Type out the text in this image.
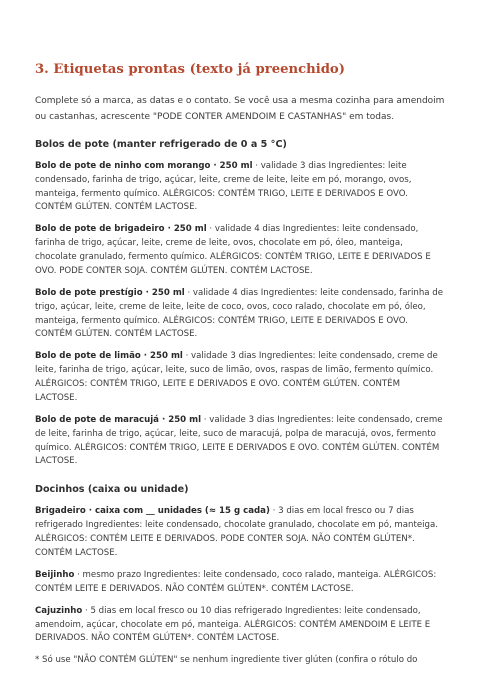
3. Etiquetas prontas (texto já preenchido)

Complete só a marca, as datas e o contato. Se você usa a mesma cozinha para amendoim ou castanhas, acrescente "PODE CONTER AMENDOIM E CASTANHAS" em todas.

Bolos de pote (manter refrigerado de 0 a 5 °C)

Bolo de pote de ninho com morango · 250 ml · validade 3 dias Ingredientes: leite condensado, farinha de trigo, açúcar, leite, creme de leite, leite em pó, morango, ovos, manteiga, fermento químico. ALÉRGICOS: CONTÉM TRIGO, LEITE E DERIVADOS E OVO. CONTÉM GLÚTEN. CONTÉM LACTOSE.

Bolo de pote de brigadeiro · 250 ml · validade 4 dias Ingredientes: leite condensado, farinha de trigo, açúcar, leite, creme de leite, ovos, chocolate em pó, óleo, manteiga, chocolate granulado, fermento químico. ALÉRGICOS: CONTÉM TRIGO, LEITE E DERIVADOS E OVO. PODE CONTER SOJA. CONTÉM GLÚTEN. CONTÉM LACTOSE.

Bolo de pote prestígio · 250 ml · validade 4 dias Ingredientes: leite condensado, farinha de trigo, açúcar, leite, creme de leite, leite de coco, ovos, coco ralado, chocolate em pó, óleo, manteiga, fermento químico. ALÉRGICOS: CONTÉM TRIGO, LEITE E DERIVADOS E OVO. CONTÉM GLÚTEN. CONTÉM LACTOSE.

Bolo de pote de limão · 250 ml · validade 3 dias Ingredientes: leite condensado, creme de leite, farinha de trigo, açúcar, leite, suco de limão, ovos, raspas de limão, fermento químico. ALÉRGICOS: CONTÉM TRIGO, LEITE E DERIVADOS E OVO. CONTÉM GLÚTEN. CONTÉM LACTOSE.

Bolo de pote de maracujá · 250 ml · validade 3 dias Ingredientes: leite condensado, creme de leite, farinha de trigo, açúcar, leite, suco de maracujá, polpa de maracujá, ovos, fermento químico. ALÉRGICOS: CONTÉM TRIGO, LEITE E DERIVADOS E OVO. CONTÉM GLÚTEN. CONTÉM LACTOSE.

Docinhos (caixa ou unidade)

Brigadeiro · caixa com __ unidades (≈ 15 g cada) · 3 dias em local fresco ou 7 dias refrigerado Ingredientes: leite condensado, chocolate granulado, chocolate em pó, manteiga. ALÉRGICOS: CONTÉM LEITE E DERIVADOS. PODE CONTER SOJA. NÃO CONTÉM GLÚTEN*. CONTÉM LACTOSE.

Beijinho · mesmo prazo Ingredientes: leite condensado, coco ralado, manteiga. ALÉRGICOS: CONTÉM LEITE E DERIVADOS. NÃO CONTÉM GLÚTEN*. CONTÉM LACTOSE.

Cajuzinho · 5 dias em local fresco ou 10 dias refrigerado Ingredientes: leite condensado, amendoim, açúcar, chocolate em pó, manteiga. ALÉRGICOS: CONTÉM AMENDOIM E LEITE E DERIVADOS. NÃO CONTÉM GLÚTEN*. CONTÉM LACTOSE.

* Só use "NÃO CONTÉM GLÚTEN" se nenhum ingrediente tiver glúten (confira o rótulo do
